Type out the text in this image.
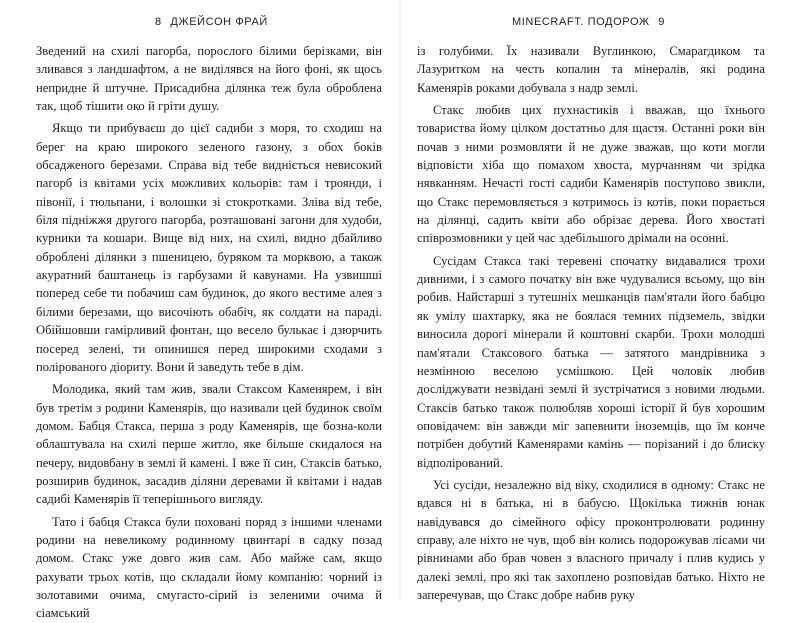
8 ДЖЕЙСОН ФРАЙ

Зведений на схилі пагорба, порослого білими берізками, він зливався з ландшафтом, а не виділявся на його фоні, як щось непридне й штучне. Присадибна ділянка теж була оброблена так, щоб тішити око й гріти душу.

Якщо ти прибуваєш до цієї садиби з моря, то сходиш на берег на краю широкого зеленого газону, з обох боків обсадженого березами. Справа від тебе видніється невисокий пагорб із квітами усіх можливих кольорів: там і троянди, і півонії, і тюльпани, і волошки зі стокротками. Зліва від тебе, біля підніжжя другого пагорба, розташовані загони для худоби, курники та кошари. Вище від них, на схилі, видно дбайливо оброблені ділянки з пшеницею, буряком та морквою, а також акуратний баштанець із гарбузами й кавунами. На узвишші поперед себе ти побачиш сам будинок, до якого вестиме алея з білими березами, що височіють обабіч, як солдати на параді. Обійшовши гамірливий фонтан, що весело булькає і дзюрчить посеред зелені, ти опинишся перед широкими сходами з полірованого діориту. Вони й заведуть тебе в дім.

Молодика, який там жив, звали Стаксом Каменярем, і він був третім з родини Каменярів, що називали цей будинок своїм домом. Бабця Стакса, перша з роду Каменярів, ще бозна-коли облаштувала на схилі перше житло, яке більше скидалося на печеру, видовбану в землі й камені. І вже її син, Стаксів батько, розширив будинок, засадив діляни деревами й квітами і надав садибі Каменярів її теперішнього вигляду.

Тато і бабця Стакса були поховані поряд з іншими членами родини на невеликому родинному цвинтарі в садку позад домом. Стакс уже довго жив сам. Або майже сам, якщо рахувати трьох котів, що складали йому компанію: чорний із золотавими очима, смугасто-сірий із зеленими очима й сіамський

MINECRAFT. ПОДОРОЖ 9

із голубими. Їх називали Вуглинкою, Смарагдиком та Лазуритком на честь копалин та мінералів, які родина Каменярів роками добувала з надр землі.

Стакс любив цих пухнастиків і вважав, що їхнього товариства йому цілком достатньо для щастя. Останні роки він почав з ними розмовляти й не дуже зважав, що коти могли відповісти хіба що помахом хвоста, мурчанням чи зрідка нявканням. Нечасті гості садиби Каменярів поступово звикли, що Стакс перемовляється з котримось із котів, поки порається на ділянці, садить квіти або обрізає дерева. Його хвостаті співрозмовники у цей час здебільшого дрімали на осонні.

Сусідам Стакса такі теревені спочатку видавалися трохи дивними, і з самого початку він вже чудувалися всьому, що він робив. Найстарші з тутешніх мешканців пам'ятали його бабцю як умілу шахтарку, яка не боялася темних підземель, звідки виносила дорогі мінерали й коштовні скарби. Трохи молодші пам'ятали Стаксового батька — затятого мандрівника з незмінною веселою усмішкою. Цей чоловік любив досліджувати незвідані землі й зустрічатися з новими людьми. Стаксів батько також полюбляв хороші історії й був хорошим оповідачем: він завжди міг запевнити іноземців, що їм конче потрібен добутий Каменярами камінь — порізаний і до блиску відполірований.

Усі сусіди, незалежно від віку, сходилися в одному: Стакс не вдався ні в батька, ні в бабусю. Щокілька тижнів юнак навідувався до сімейного офісу проконтролювати родинну справу, але ніхто не чув, щоб він колись подорожував лісами чи рівнинами або брав човен з власного причалу і плив кудись у далекі землі, про які так захоплено розповідав батько. Ніхто не заперечував, що Стакс добре набив руку
